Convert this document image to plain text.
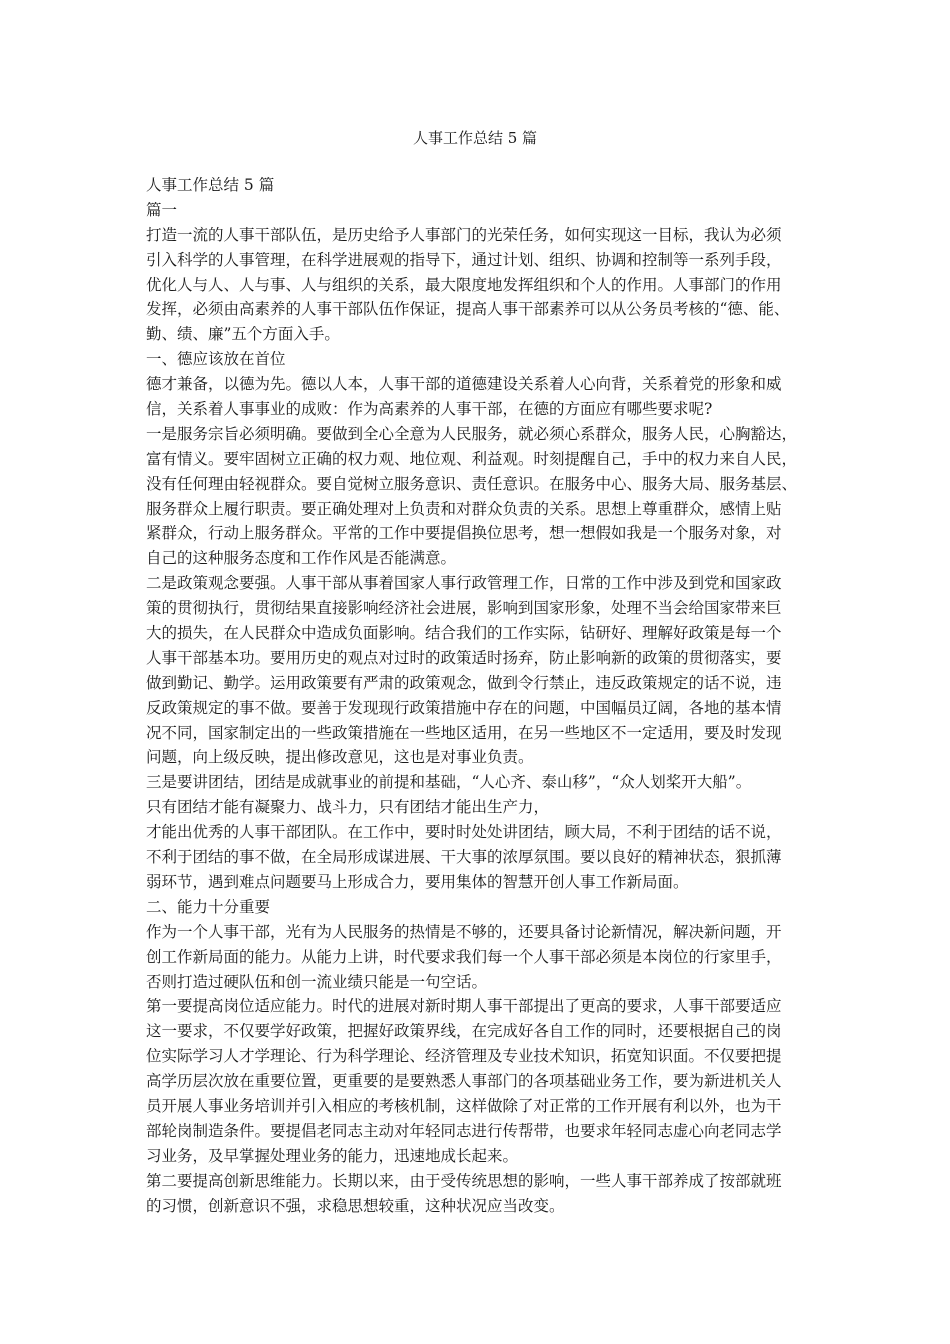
人事工作总结 5 篇
人事工作总结 5 篇
篇一
打造一流的人事干部队伍，是历史给予人事部门的光荣任务，如何实现这一目标，我认为必须
引入科学的人事管理，在科学进展观的指导下，通过计划、组织、协调和控制等一系列手段，
优化人与人、人与事、人与组织的关系，最大限度地发挥组织和个人的作用。人事部门的作用
发挥，必须由高素养的人事干部队伍作保证，提高人事干部素养可以从公务员考核的“德、能、
勤、绩、廉”五个方面入手。
一、德应该放在首位
德才兼备，以德为先。德以人本，人事干部的道德建设关系着人心向背，关系着党的形象和威
信，关系着人事事业的成败：作为高素养的人事干部，在德的方面应有哪些要求呢?
一是服务宗旨必须明确。要做到全心全意为人民服务，就必须心系群众，服务人民，心胸豁达，
富有情义。要牢固树立正确的权力观、地位观、利益观。时刻提醒自己，手中的权力来自人民，
没有任何理由轻视群众。要自觉树立服务意识、责任意识。在服务中心、服务大局、服务基层、
服务群众上履行职责。要正确处理对上负责和对群众负责的关系。思想上尊重群众，感情上贴
紧群众，行动上服务群众。平常的工作中要提倡换位思考，想一想假如我是一个服务对象，对
自己的这种服务态度和工作作风是否能满意。
二是政策观念要强。人事干部从事着国家人事行政管理工作，日常的工作中涉及到党和国家政
策的贯彻执行，贯彻结果直接影响经济社会进展，影响到国家形象，处理不当会给国家带来巨
大的损失，在人民群众中造成负面影响。结合我们的工作实际，钻研好、理解好政策是每一个
人事干部基本功。要用历史的观点对过时的政策适时扬弃，防止影响新的政策的贯彻落实，要
做到勤记、勤学。运用政策要有严肃的政策观念，做到令行禁止，违反政策规定的话不说，违
反政策规定的事不做。要善于发现现行政策措施中存在的问题，中国幅员辽阔，各地的基本情
况不同，国家制定出的一些政策措施在一些地区适用，在另一些地区不一定适用，要及时发现
问题，向上级反映，提出修改意见，这也是对事业负责。
三是要讲团结，团结是成就事业的前提和基础，“人心齐、泰山移”，“众人划桨开大船”。
只有团结才能有凝聚力、战斗力，只有团结才能出生产力，
才能出优秀的人事干部团队。在工作中，要时时处处讲团结，顾大局，不利于团结的话不说，
不利于团结的事不做，在全局形成谋进展、干大事的浓厚氛围。要以良好的精神状态，狠抓薄
弱环节，遇到难点问题要马上形成合力，要用集体的智慧开创人事工作新局面。
二、能力十分重要
作为一个人事干部，光有为人民服务的热情是不够的，还要具备讨论新情况，解决新问题，开
创工作新局面的能力。从能力上讲，时代要求我们每一个人事干部必须是本岗位的行家里手，
否则打造过硬队伍和创一流业绩只能是一句空话。
第一要提高岗位适应能力。时代的进展对新时期人事干部提出了更高的要求，人事干部要适应
这一要求，不仅要学好政策，把握好政策界线，在完成好各自工作的同时，还要根据自己的岗
位实际学习人才学理论、行为科学理论、经济管理及专业技术知识，拓宽知识面。不仅要把提
高学历层次放在重要位置，更重要的是要熟悉人事部门的各项基础业务工作，要为新进机关人
员开展人事业务培训并引入相应的考核机制，这样做除了对正常的工作开展有利以外，也为干
部轮岗制造条件。要提倡老同志主动对年轻同志进行传帮带，也要求年轻同志虚心向老同志学
习业务，及早掌握处理业务的能力，迅速地成长起来。
第二要提高创新思维能力。长期以来，由于受传统思想的影响，一些人事干部养成了按部就班
的习惯，创新意识不强，求稳思想较重，这种状况应当改变。
